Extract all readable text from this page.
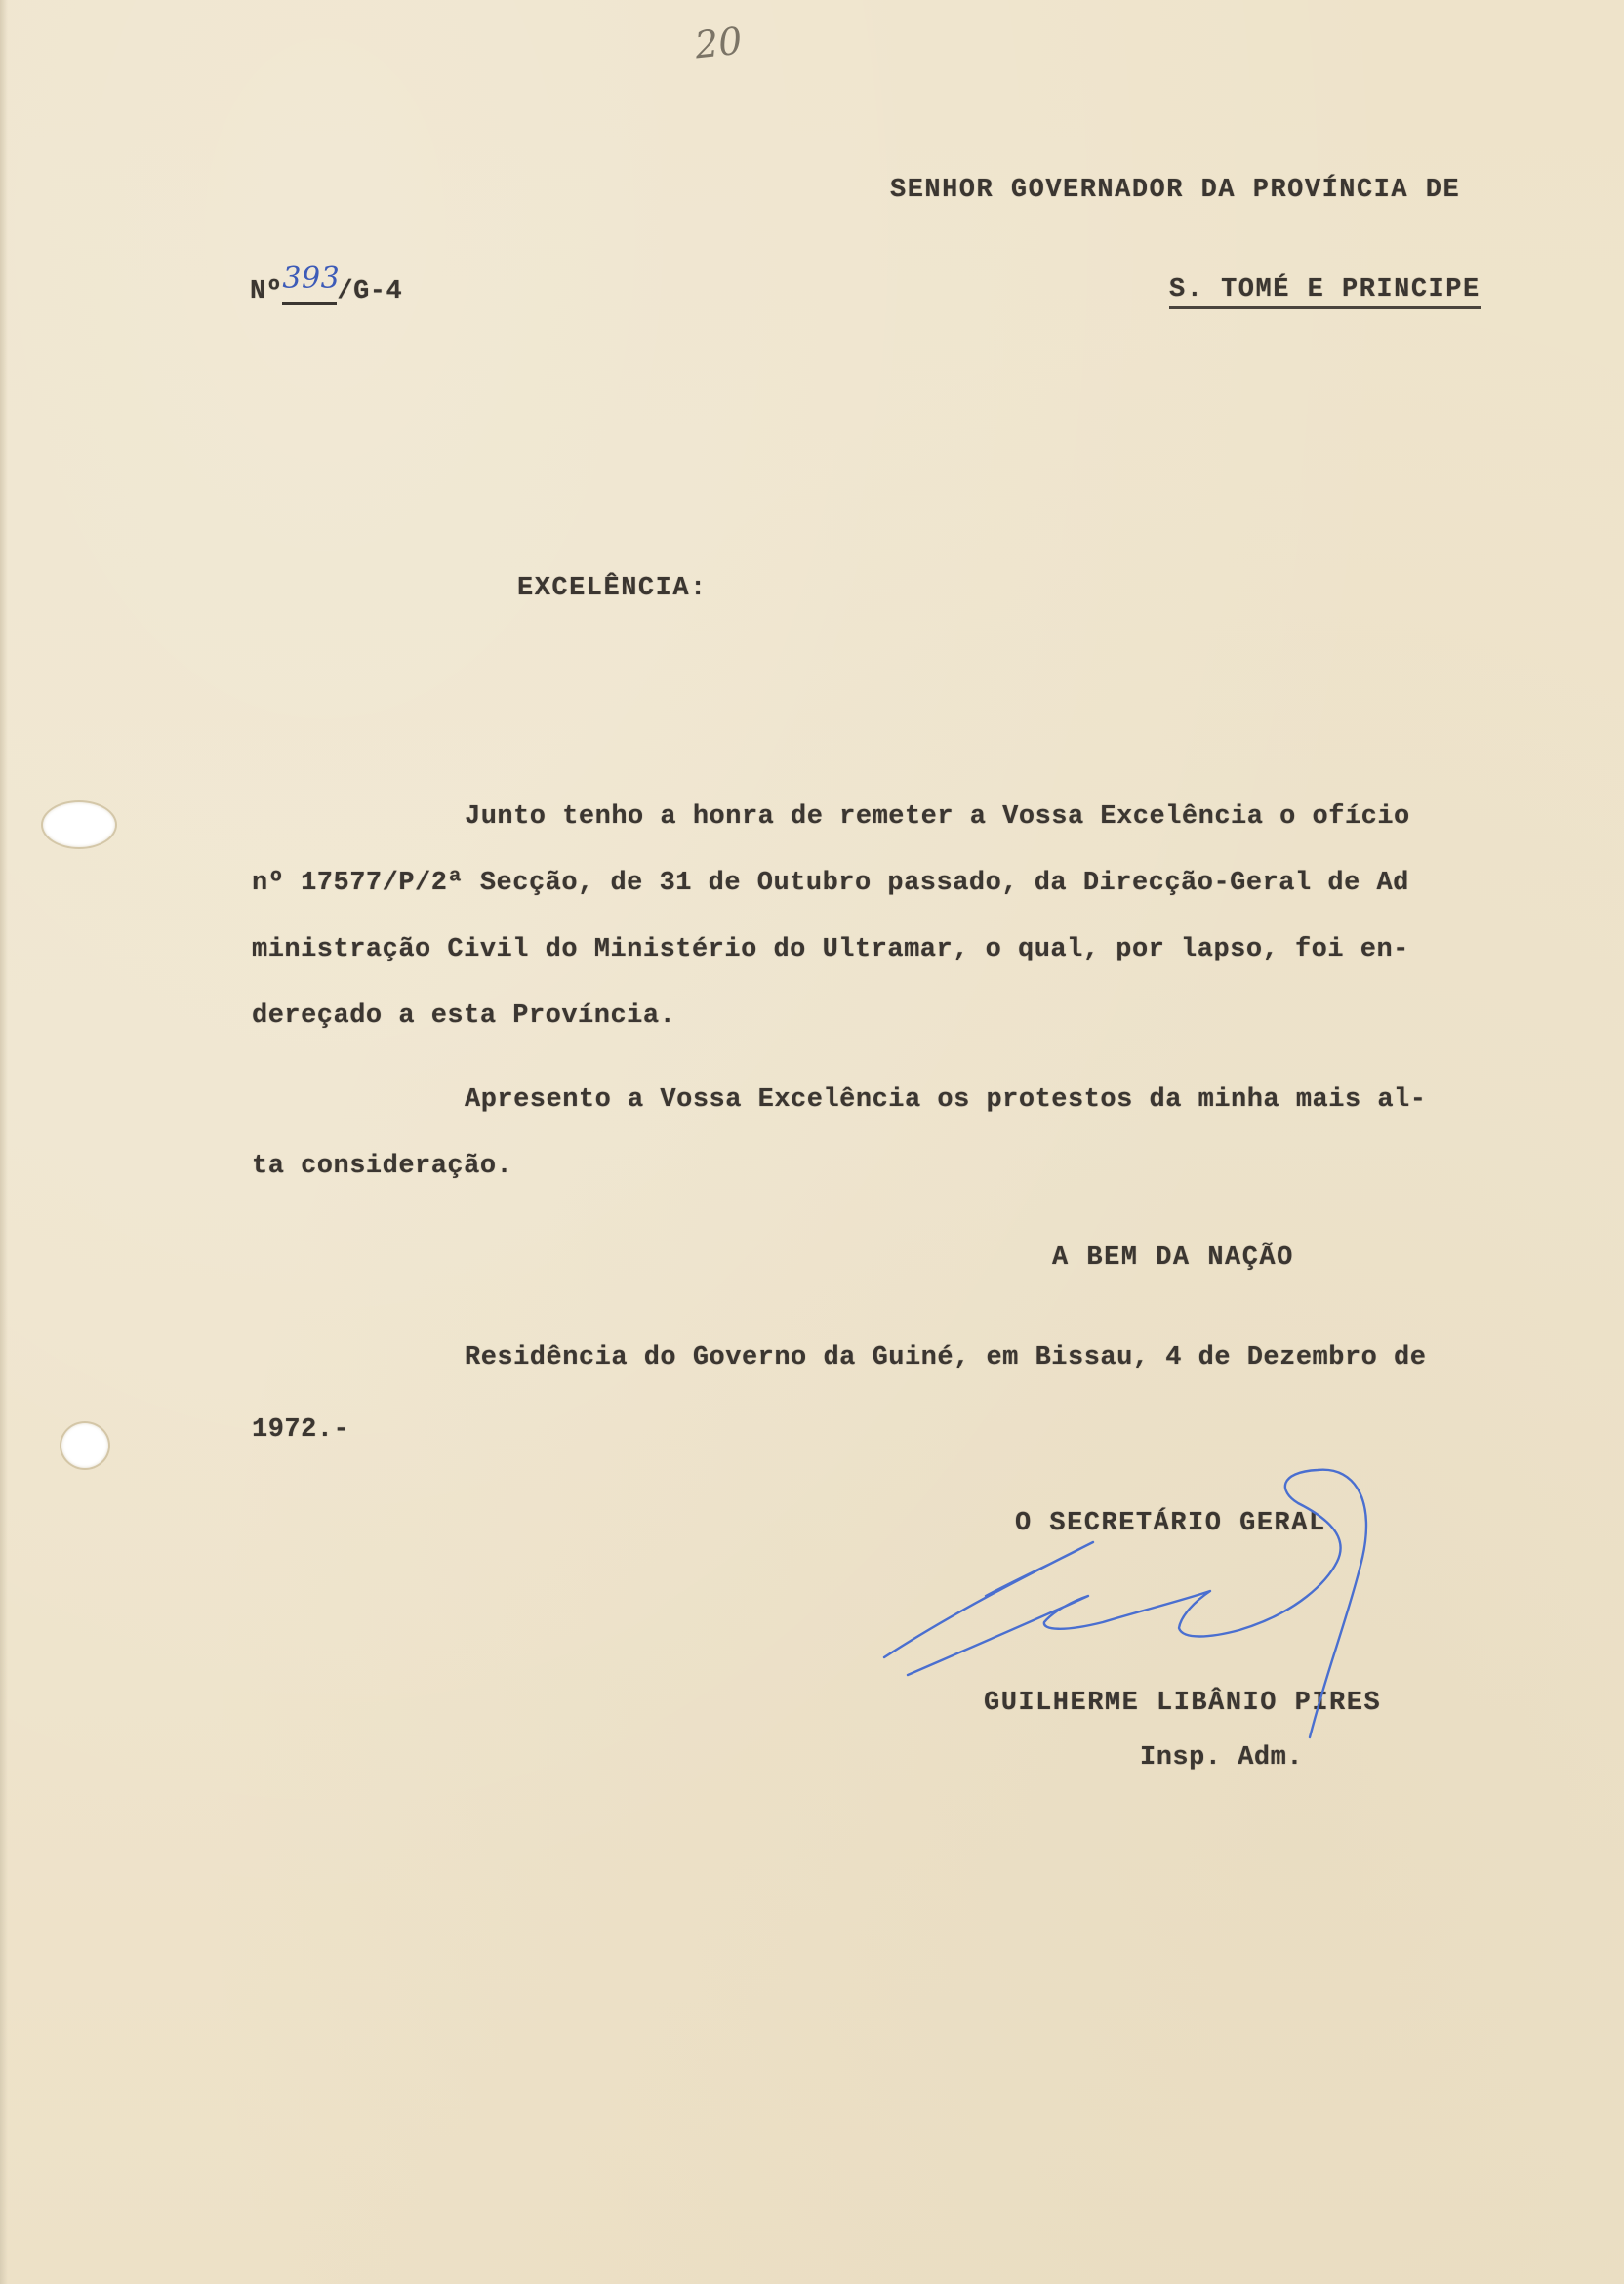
20
SENHOR GOVERNADOR DA PROVÍNCIA DE
S. TOMÉ E PRINCIPE
Nº393/G-4
EXCELÊNCIA:
Junto tenho a honra de remeter a Vossa Excelência o ofício
nº 17577/P/2ª Secção, de 31 de Outubro passado, da Direcção-Geral de Ad
ministração Civil do Ministério do Ultramar, o qual, por lapso, foi en-
dereçado a esta Província.
Apresento a Vossa Excelência os protestos da minha mais al-
ta consideração.
A BEM DA NAÇÃO
Residência do Governo da Guiné, em Bissau, 4 de Dezembro de
1972.-
O SECRETÁRIO GERAL
GUILHERME LIBÂNIO PIRES
Insp. Adm.
